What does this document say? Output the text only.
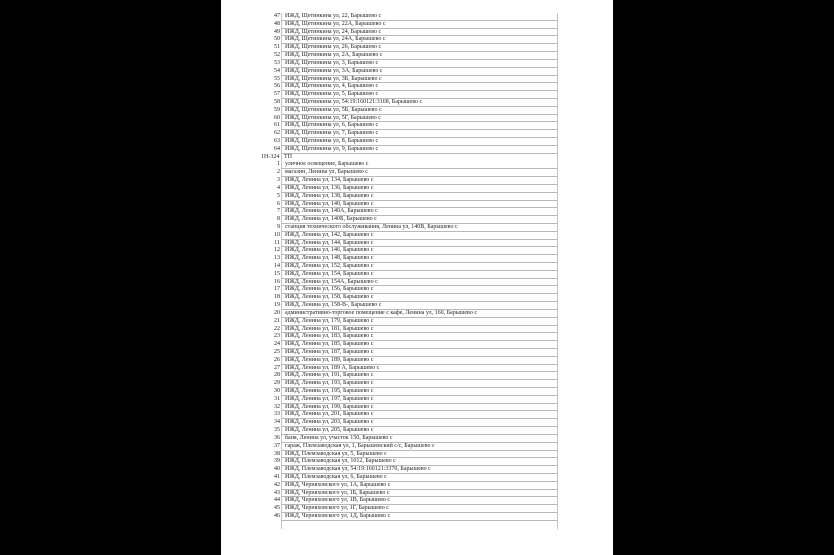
47 ИЖД, Щетинкина ул, 22, Барышево с
48 ИЖД, Щетинкина ул, 22А, Барышево с
49 ИЖД, Щетинкина ул, 24, Барышево с
50 ИЖД, Щетинкина ул, 24А, Барышево с
51 ИЖД, Щетинкина ул, 26, Барышево с
52 ИЖД, Щетинкина ул, 2А, Барышево с
53 ИЖД, Щетинкина ул, 3, Барышево с
54 ИЖД, Щетинкина ул, 3А, Барышево с
55 ИЖД, Щетинкина ул, 3Б, Барышево с
56 ИЖД, Щетинкина ул, 4, Барышево с
57 ИЖД, Щетинкина ул, 5, Барышево с
58 ИЖД, Щетинкина ул, 54:19:160121:3168, Барышево с
59 ИЖД, Щетинкина ул, 5Б, Барышево с
60 ИЖД, Щетинкина ул, 5Г, Барышево с
61 ИЖД, Щетинкина ул, 6, Барышево с
62 ИЖД, Щетинкина ул, 7, Барышево с
63 ИЖД, Щетинкина ул, 8, Барышево с
64 ИЖД, Щетинкина ул, 9, Барышево с
1Н-324 ТП
1 уличное освещение, Барышево с
2 магазин, Ленина ул, Барышево с
3 ИЖД, Ленина ул, 134, Барышево с
4 ИЖД, Ленина ул, 136, Барышево с
5 ИЖД, Ленина ул, 138, Барышево с
6 ИЖД, Ленина ул, 140, Барышево с
7 ИЖД, Ленина ул, 140А, Барышево с
8 ИЖД, Ленина ул, 140Б, Барышево с
9 станция технического обслуживания, Ленина ул, 140В, Барышево с
10 ИЖД, Ленина ул, 142, Барышево с
11 ИЖД, Ленина ул, 144, Барышево с
12 ИЖД, Ленина ул, 146, Барышево с
13 ИЖД, Ленина ул, 148, Барышево с
14 ИЖД, Ленина ул, 152, Барышево с
15 ИЖД, Ленина ул, 154, Барышево с
16 ИЖД, Ленина ул, 154А, Барышево с
17 ИЖД, Ленина ул, 156, Барышево с
18 ИЖД, Ленина ул, 158, Барышево с
19 ИЖД, Ленина ул, 158-В-, Барышево с
20 административно-торговое помещение с кафе, Ленина ул, 160, Барышево с
21 ИЖД, Ленина ул, 179, Барышево с
22 ИЖД, Ленина ул, 181, Барышево с
23 ИЖД, Ленина ул, 183, Барышево с
24 ИЖД, Ленина ул, 185, Барышево с
25 ИЖД, Ленина ул, 187, Барышево с
26 ИЖД, Ленина ул, 189, Барышево с
27 ИЖД, Ленина ул, 189 А, Барышево с
28 ИЖД, Ленина ул, 191, Барышево с
29 ИЖД, Ленина ул, 193, Барышево с
30 ИЖД, Ленина ул, 195, Барышево с
31 ИЖД, Ленина ул, 197, Барышево с
32 ИЖД, Ленина ул, 199, Барышево с
33 ИЖД, Ленина ул, 201, Барышево с
34 ИЖД, Ленина ул, 203, Барышево с
35 ИЖД, Ленина ул, 205, Барышево с
36 баня, Ленина ул, участок 150, Барышево с
37 гараж, Племзаводская ул, 1, Барышевский с/с, Барышево с
38 ИЖД, Племзаводская ул, 5, Барышево с
39 ИЖД, Племзаводская ул, 1012, Барышево с
40 ИЖД, Племзаводская ул, 54:19:160121:3370, Барышево с
41 ИЖД, Племзаводская ул, 6, Барышево с
42 ИЖД, Черняховского ул, 1А, Барышево с
43 ИЖД, Черняховского ул, 1Б, Барышево с
44 ИЖД, Черняховского ул, 1В, Барышево с
45 ИЖД, Черняховского ул, 1Г, Барышево с
46 ИЖД, Черняховского ул, 1Д, Барышево с
